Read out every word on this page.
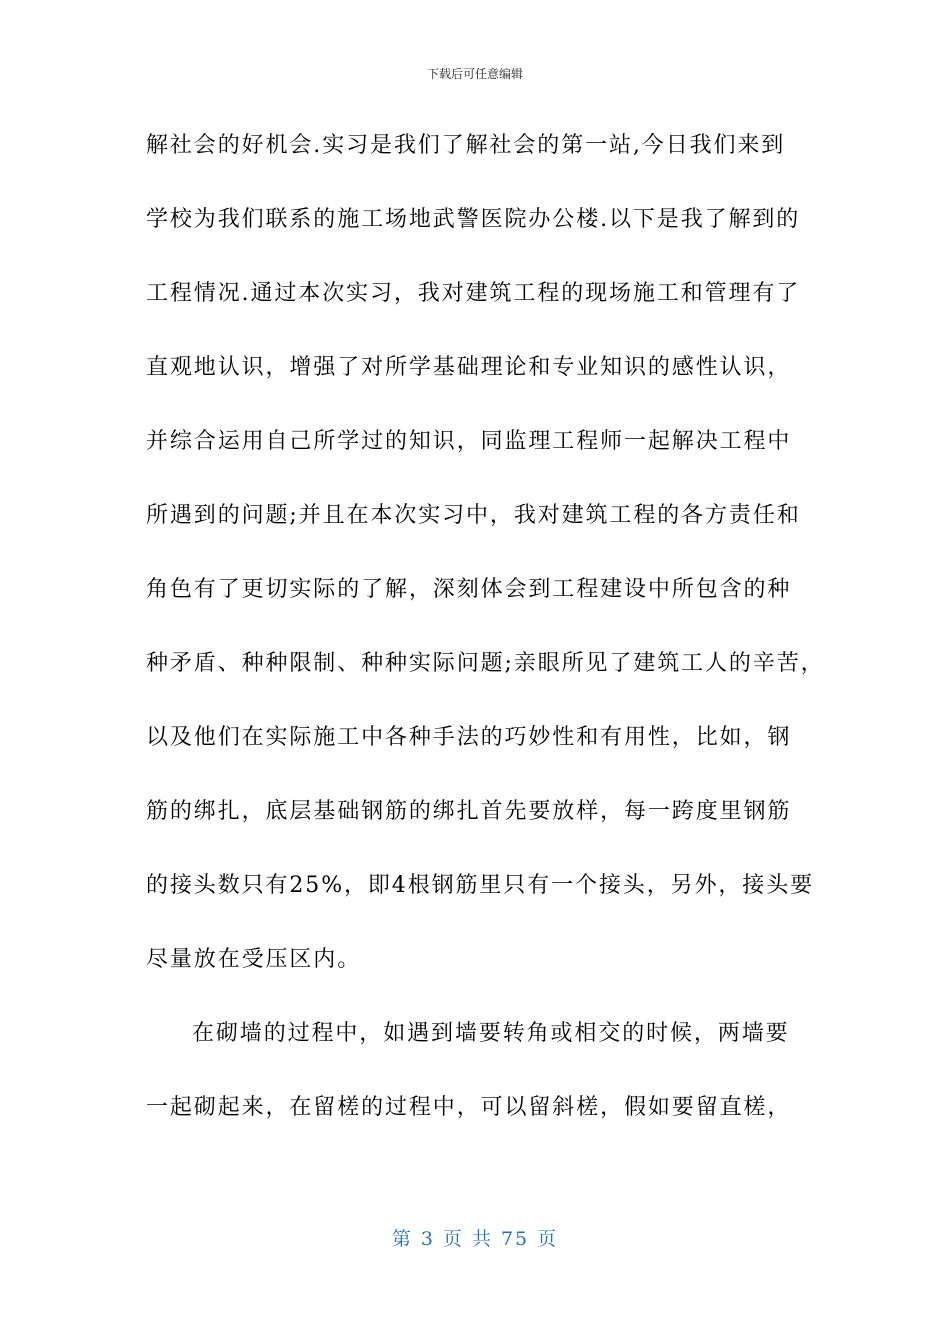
下载后可任意编辑
解社会的好机会.实习是我们了解社会的第一站,今日我们来到
学校为我们联系的施工场地武警医院办公楼.以下是我了解到的
工程情况.通过本次实习，我对建筑工程的现场施工和管理有了
直观地认识，增强了对所学基础理论和专业知识的感性认识，
并综合运用自己所学过的知识，同监理工程师一起解决工程中
所遇到的问题;并且在本次实习中，我对建筑工程的各方责任和
角色有了更切实际的了解，深刻体会到工程建设中所包含的种
种矛盾、种种限制、种种实际问题;亲眼所见了建筑工人的辛苦，
以及他们在实际施工中各种手法的巧妙性和有用性，比如，钢
筋的绑扎，底层基础钢筋的绑扎首先要放样，每一跨度里钢筋
的接头数只有25%，即4根钢筋里只有一个接头，另外，接头要
尽量放在受压区内。
在砌墙的过程中，如遇到墙要转角或相交的时候，两墙要
一起砌起来，在留槎的过程中，可以留斜槎，假如要留直槎，
第 3 页 共 75 页
